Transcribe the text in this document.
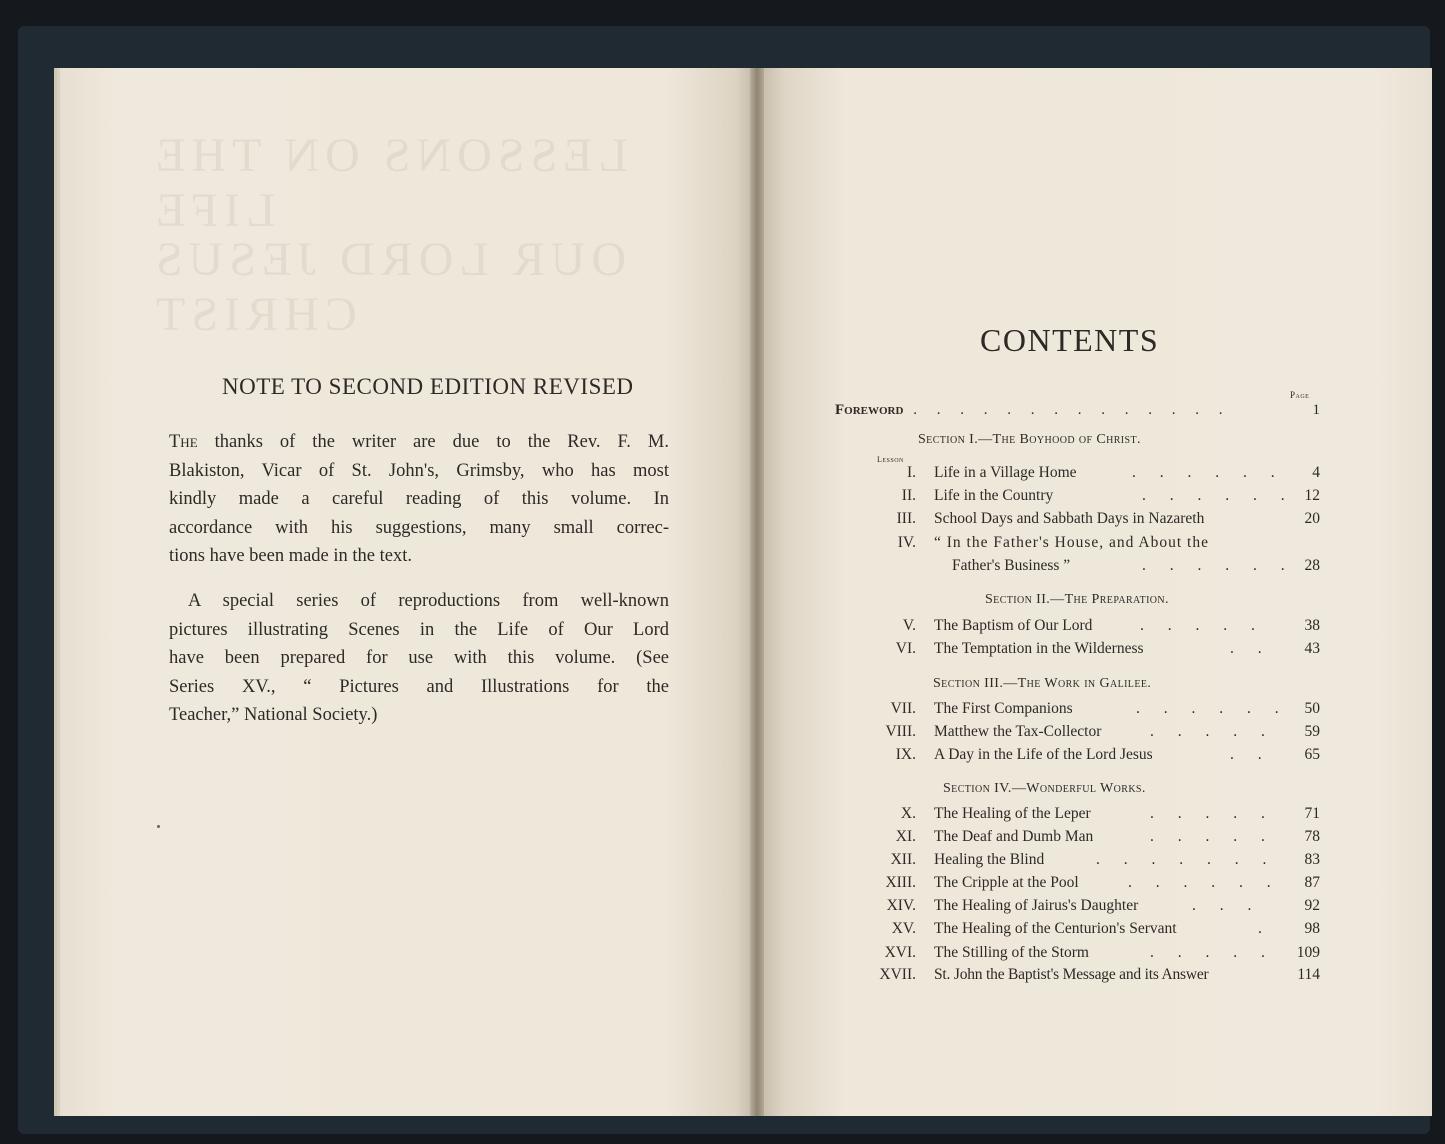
LESSONS ON THE LIFE
OUR LORD JESUS CHRIST
NOTE TO SECOND EDITION REVISED
The thanks of the writer are due to the Rev. F. M.
Blakiston, Vicar of St. John's, Grimsby, who has most
kindly made a careful reading of this volume. In
accordance with his suggestions, many small correc-
tions have been made in the text.
A special series of reproductions from well-known
pictures illustrating Scenes in the Life of Our Lord
have been prepared for use with this volume. (See
Series XV., “ Pictures and Illustrations for the
Teacher,” National Society.)
CONTENTS
Page
Foreword . . . . . . . . . . . . . .	1
Section I.—The Boyhood of Christ.
Lesson
I. Life in a Village Home	. . . . . .	4
II. Life in the Country	. . . . . . 12
III. School Days and Sabbath Days in Nazareth	20
IV. “ In the Father's House, and About the
Father's Business ”	. . . . . . 28
Section II.—The Preparation.
V. The Baptism of Our Lord	. . . . .	38
VI. The Temptation in the Wilderness	. .	43
Section III.—The Work in Galilee.
VII. The First Companions	. . . . . .	50
VIII. Matthew the Tax-Collector	. . . . .	59
IX. A Day in the Life of the Lord Jesus	. .	65
Section IV.—Wonderful Works.
X. The Healing of the Leper	. . . . .	71
XI. The Deaf and Dumb Man	. . . . .	78
XII. Healing the Blind	. . . . . . .	83
XIII. The Cripple at the Pool	. . . . . .	87
XIV. The Healing of Jairus's Daughter	. . .	92
XV. The Healing of the Centurion's Servant	.	98
XVI. The Stilling of the Storm	. . . . .	109
XVII. St. John the Baptist's Message and its Answer	114
